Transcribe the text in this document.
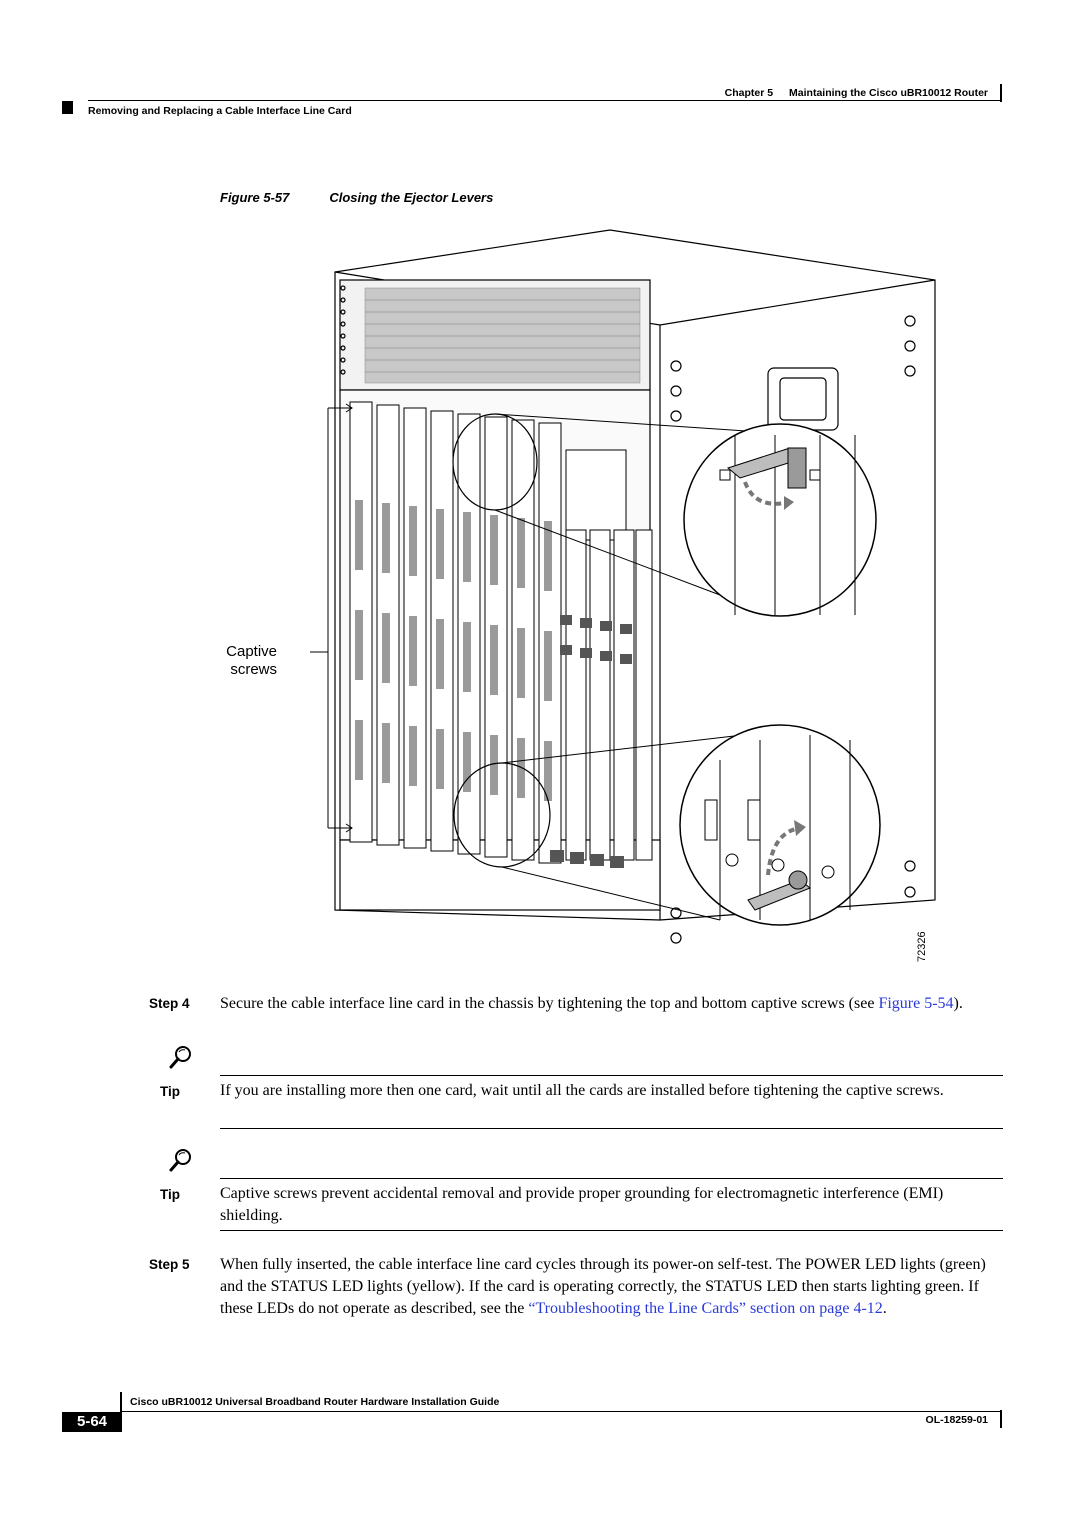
Chapter 5 Maintaining the Cisco uBR10012 Router
Removing and Replacing a Cable Interface Line Card
Figure 5-57	Closing the Ejector Levers
Captive
screws
72326
Step 4 Secure the cable interface line card in the chassis by tightening the top and bottom captive screws (see Figure 5-54).
Tip	If you are installing more then one card, wait until all the cards are installed before tightening the captive screws.
Tip	Captive screws prevent accidental removal and provide proper grounding for electromagnetic interference (EMI) shielding.
Step 5 When fully inserted, the cable interface line card cycles through its power-on self-test. The POWER LED lights (green) and the STATUS LED lights (yellow). If the card is operating correctly, the STATUS LED then starts lighting green. If these LEDs do not operate as described, see the “Troubleshooting the Line Cards” section on page 4-12.
Cisco uBR10012 Universal Broadband Router Hardware Installation Guide
5-64	OL-18259-01
